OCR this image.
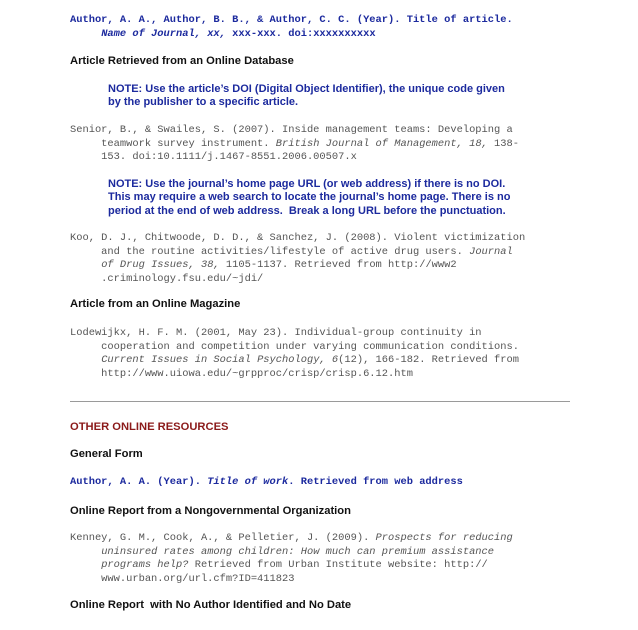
Author, A. A., Author, B. B., & Author, C. C. (Year). Title of article.
Name of Journal, xx, xxx-xxx. doi:xxxxxxxxxx
Article Retrieved from an Online Database
NOTE: Use the article’s DOI (Digital Object Identifier), the unique code given
by the publisher to a specific article.
Senior, B., & Swailes, S. (2007). Inside management teams: Developing a
teamwork survey instrument. British Journal of Management, 18, 138-
153. doi:10.1111/j.1467-8551.2006.00507.x
NOTE: Use the journal’s home page URL (or web address) if there is no DOI.
This may require a web search to locate the journal’s home page. There is no
period at the end of web address.  Break a long URL before the punctuation.
Koo, D. J., Chitwoode, D. D., & Sanchez, J. (2008). Violent victimization
and the routine activities/lifestyle of active drug users. Journal
of Drug Issues, 38, 1105-1137. Retrieved from http://www2
.criminology.fsu.edu/~jdi/
Article from an Online Magazine
Lodewijkx, H. F. M. (2001, May 23). Individual-group continuity in
cooperation and competition under varying communication conditions.
Current Issues in Social Psychology, 6(12), 166-182. Retrieved from
http://www.uiowa.edu/~grpproc/crisp/crisp.6.12.htm
OTHER ONLINE RESOURCES
General Form
Author, A. A. (Year). Title of work. Retrieved from web address
Online Report from a Nongovernmental Organization
Kenney, G. M., Cook, A., & Pelletier, J. (2009). Prospects for reducing
uninsured rates among children: How much can premium assistance
programs help? Retrieved from Urban Institute website: http://
www.urban.org/url.cfm?ID=411823
Online Report  with No Author Identified and No Date
